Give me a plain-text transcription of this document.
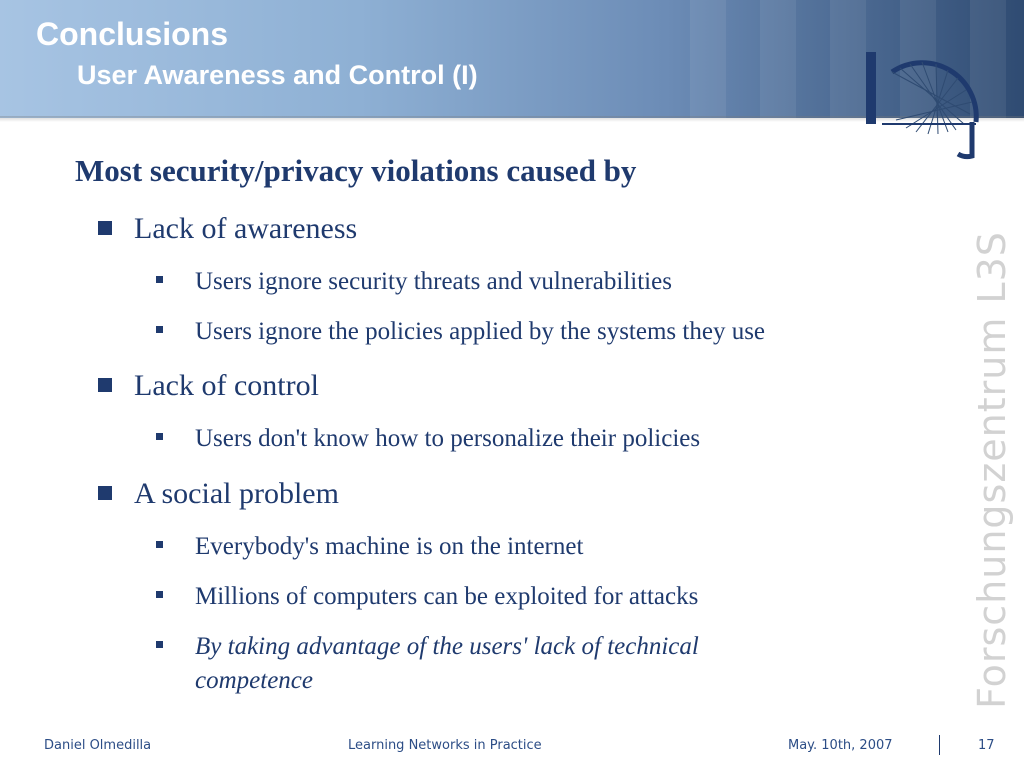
Conclusions
User Awareness and Control (I)
Forschungszentrum L3S
Most security/privacy violations caused by
Lack of awareness
Users ignore security threats and vulnerabilities
Users ignore the policies applied by the systems they use
Lack of control
Users don't know how to personalize their policies
A social problem
Everybody's machine is on the internet
Millions of computers can be exploited for attacks
By taking advantage of the users' lack of technical
competence
Daniel Olmedilla	Learning Networks in Practice	May. 10th, 2007	17
